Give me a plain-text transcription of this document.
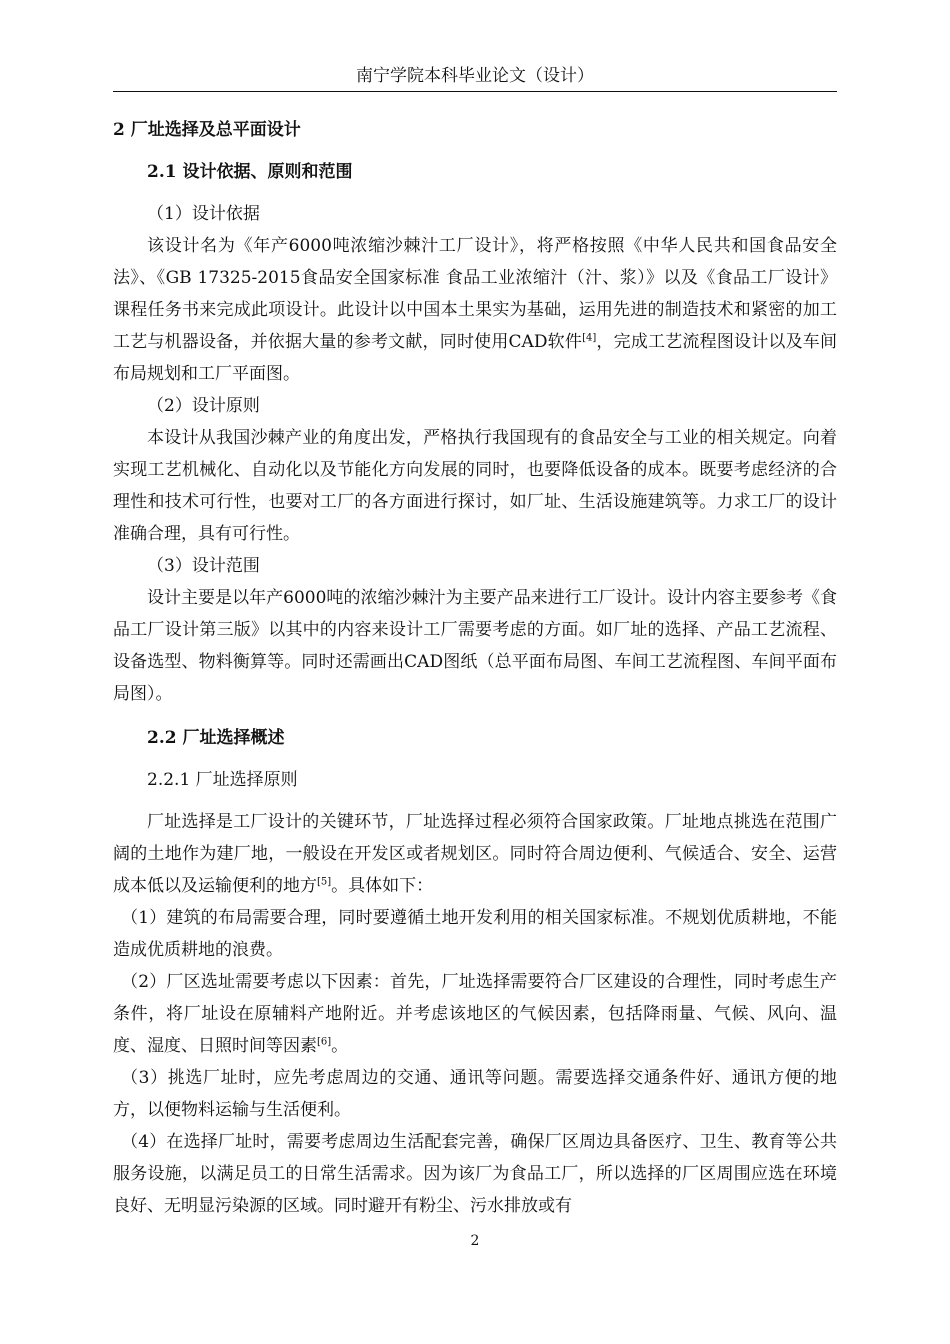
南宁学院本科毕业论文（设计）

2 厂址选择及总平面设计

2.1 设计依据、原则和范围

（1）设计依据

该设计名为《年产6000吨浓缩沙棘汁工厂设计》，将严格按照《中华人民共和国食品安全法》、《GB 17325-2015食品安全国家标准 食品工业浓缩汁（汁、浆）》以及《食品工厂设计》课程任务书来完成此项设计。此设计以中国本土果实为基础，运用先进的制造技术和紧密的加工工艺与机器设备，并依据大量的参考文献，同时使用CAD软件[4]，完成工艺流程图设计以及车间布局规划和工厂平面图。

（2）设计原则

本设计从我国沙棘产业的角度出发，严格执行我国现有的食品安全与工业的相关规定。向着实现工艺机械化、自动化以及节能化方向发展的同时，也要降低设备的成本。既要考虑经济的合理性和技术可行性，也要对工厂的各方面进行探讨，如厂址、生活设施建筑等。力求工厂的设计准确合理，具有可行性。

（3）设计范围

设计主要是以年产6000吨的浓缩沙棘汁为主要产品来进行工厂设计。设计内容主要参考《食品工厂设计第三版》以其中的内容来设计工厂需要考虑的方面。如厂址的选择、产品工艺流程、设备选型、物料衡算等。同时还需画出CAD图纸（总平面布局图、车间工艺流程图、车间平面布局图）。

2.2 厂址选择概述

2.2.1 厂址选择原则

厂址选择是工厂设计的关键环节，厂址选择过程必须符合国家政策。厂址地点挑选在范围广阔的土地作为建厂地，一般设在开发区或者规划区。同时符合周边便利、气候适合、安全、运营成本低以及运输便利的地方[5]。具体如下：

（1）建筑的布局需要合理，同时要遵循土地开发利用的相关国家标准。不规划优质耕地，不能造成优质耕地的浪费。

（2）厂区选址需要考虑以下因素：首先，厂址选择需要符合厂区建设的合理性，同时考虑生产条件，将厂址设在原辅料产地附近。并考虑该地区的气候因素，包括降雨量、气候、风向、温度、湿度、日照时间等因素[6]。

（3）挑选厂址时，应先考虑周边的交通、通讯等问题。需要选择交通条件好、通讯方便的地方，以便物料运输与生活便利。

（4）在选择厂址时，需要考虑周边生活配套完善，确保厂区周边具备医疗、卫生、教育等公共服务设施，以满足员工的日常生活需求。因为该厂为食品工厂，所以选择的厂区周围应选在环境良好、无明显污染源的区域。同时避开有粉尘、污水排放或有

2
